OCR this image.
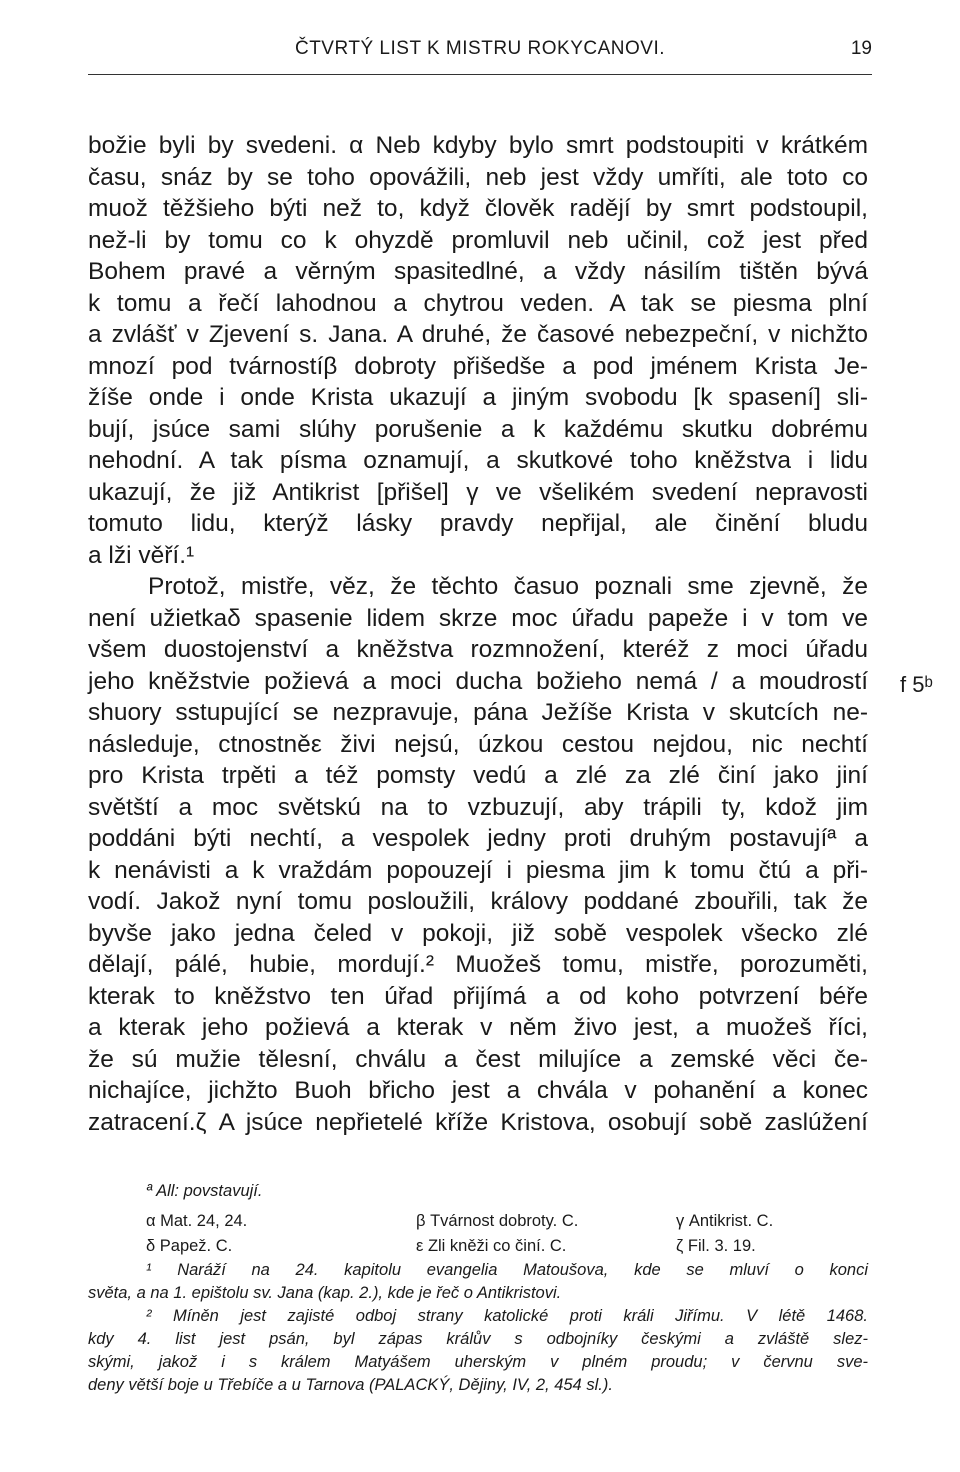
ČTVRTÝ LIST K MISTRU ROKYCANOVI.	19
božie byli by svedeni. α Neb kdyby bylo smrt podstoupiti v krátkém
času, snáz by se toho opovážili, neb jest vždy umříti, ale toto co
muož těžšieho býti než to, když člověk radějí by smrt podstoupil,
než-li by tomu co k ohyzdě promluvil neb učinil, což jest před
Bohem pravé a věrným spasitedlné, a vždy násilím tištěn bývá
k tomu a řečí lahodnou a chytrou veden. A tak se piesma plní
a zvlášť v Zjevení s. Jana. A druhé, že časové nebezpeční, v nichžto
mnozí pod tvárnostíβ dobroty přišedše a pod jménem Krista Je-
žíše onde i onde Krista ukazují a jiným svobodu [k spasení] sli-
bují, jsúce sami slúhy porušenie a k každému skutku dobrému
nehodní. A tak písma oznamují, a skutkové toho kněžstva i lidu
ukazují, že již Antikrist [přišel] γ ve všelikém svedení nepravosti
tomuto lidu, kterýž lásky pravdy nepřijal, ale činění bludu
a lži věří.¹
Protož, mistře, věz, že těchto časuo poznali sme zjevně, že
není užietkaδ spasenie lidem skrze moc úřadu papeže i v tom ve
všem duostojenství a kněžstva rozmnožení, kteréž z moci úřadu
jeho kněžstvie požievá a moci ducha božieho nemá / a moudrostí
shuory sstupující se nezpravuje, pána Ježíše Krista v skutcích ne-
následuje, ctnostněε živi nejsú, úzkou cestou nejdou, nic nechtí
pro Krista trpěti a též pomsty vedú a zlé za zlé činí jako jiní
světští a moc světskú na to vzbuzují, aby trápili ty, kdož jim
poddáni býti nechtí, a vespolek jedny proti druhým postavujíª a
k nenávisti a k vraždám popouzejí i piesma jim k tomu čtú a při-
vodí. Jakož nyní tomu posloužili, královy poddané zbouřili, tak že
byvše jako jedna čeled v pokoji, již sobě vespolek všecko zlé
dělají, pálé, hubie, mordují.² Muožeš tomu, mistře, porozuměti,
kterak to kněžstvo ten úřad přijímá a od koho potvrzení béře
a kterak jeho požievá a kterak v něm živo jest, a muožeš říci,
že sú mužie tělesní, chválu a čest milujíce a zemské věci če-
nichajíce, jichžto Buoh břicho jest a chvála v pohanění a konec
zatracení.ζ A jsúce nepřietelé kříže Kristova, osobují sobě zaslúžení
f 5ᵇ
ª All: povstavují.
α Mat. 24, 24.	β Tvárnost dobroty. C.	γ Antikrist. C.
δ Papež. C.	ε Zli kněži co činí. C.	ζ Fil. 3. 19.
¹ Naráží na 24. kapitolu evangelia Matoušova, kde se mluví o konci
světa, a na 1. epištolu sv. Jana (kap. 2.), kde je řeč o Antikristovi.
² Míněn jest zajisté odboj strany katolické proti králi Jiřímu. V létě 1468.
kdy 4. list jest psán, byl zápas králův s odbojníky českými a zvláště slez-
skými, jakož i s králem Matyášem uherským v plném proudu; v červnu sve-
deny větší boje u Třebíče a u Tarnova (PALACKÝ, Dějiny, IV, 2, 454 sl.).
